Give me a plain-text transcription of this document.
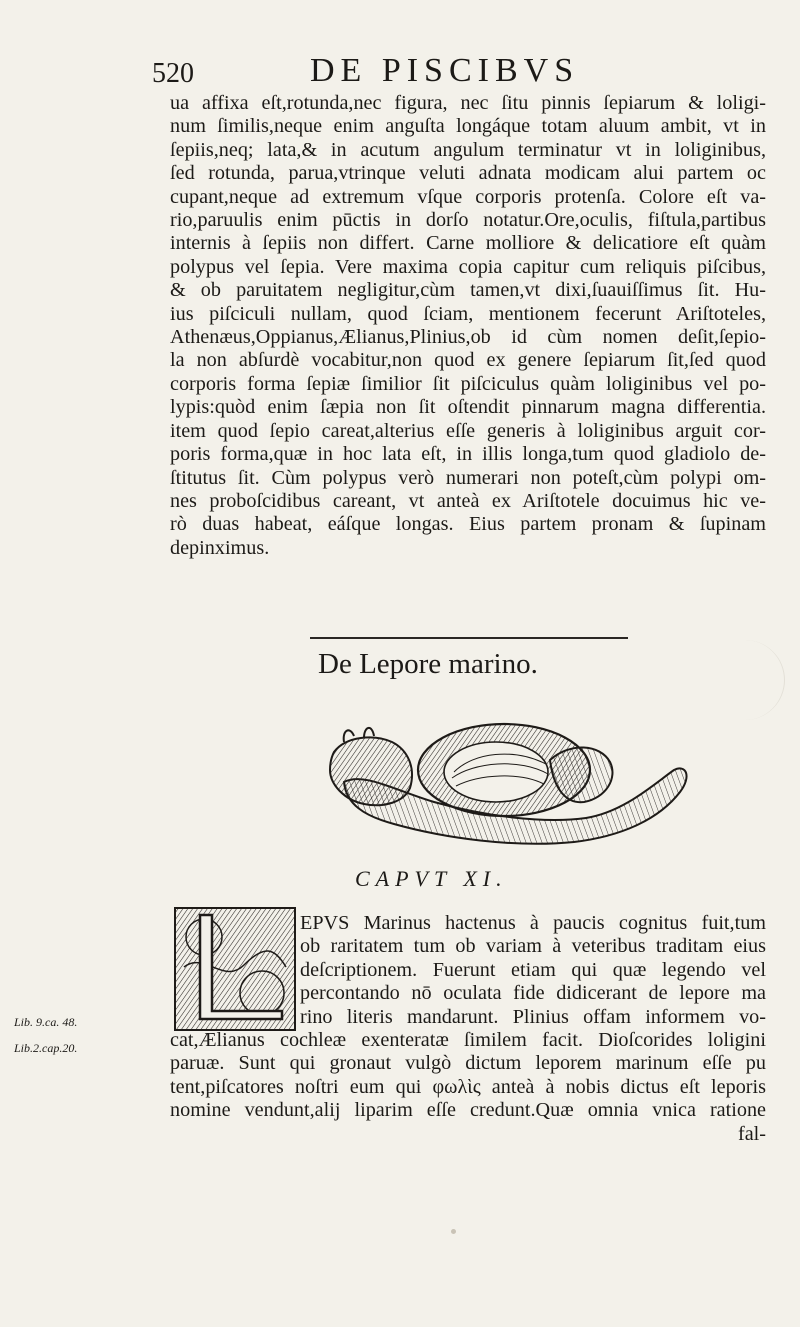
520	DE PISCIBVS
ua affixa eſt,rotunda,nec figura, nec ſitu pinnis ſepiarum & loligi-
num ſimilis,neque enim anguſta longáque totam aluum ambit, vt in
ſepiis,neq; lata,& in acutum angulum terminatur vt in loliginibus,
ſed rotunda, parua,vtrinque veluti adnata modicam alui partem oc
cupant,neque ad extremum vſque corporis protenſa. Colore eſt va-
rio,paruulis enim pūctis in dorſo notatur.Ore,oculis, fiſtula,partibus
internis à ſepiis non differt. Carne molliore & delicatiore eſt quàm
polypus vel ſepia. Vere maxima copia capitur cum reliquis piſcibus,
& ob paruitatem negligitur,cùm tamen,vt dixi,ſuauiſſimus ſit. Hu-
ius piſciculi nullam, quod ſciam, mentionem fecerunt Ariſtoteles,
Athenæus,Oppianus,Ælianus,Plinius,ob id cùm nomen deſit,ſepio-
la non abſurdè vocabitur,non quod ex genere ſepiarum ſit,ſed quod
corporis forma ſepiæ ſimilior ſit piſciculus quàm loliginibus vel po-
lypis:quòd enim ſæpia non ſit oſtendit pinnarum magna differentia.
item quod ſepio careat,alterius eſſe generis à loliginibus arguit cor-
poris forma,quæ in hoc lata eſt, in illis longa,tum quod gladiolo de-
ſtitutus ſit. Cùm polypus verò numerari non poteſt,cùm polypi om-
nes proboſcidibus careant, vt anteà ex Ariſtotele docuimus hic ve-
rò duas habeat, eáſque longas. Eius partem pronam & ſupinam
depinximus.
De Lepore marino.
CAPVT XI.
EPVS Marinus hactenus à paucis cognitus fuit,tum
ob raritatem tum ob variam à veteribus traditam eius
deſcriptionem. Fuerunt etiam qui quæ legendo vel
percontando nō oculata fide didicerant de lepore ma
rino literis mandarunt. Plinius offam informem vo-
cat,Ælianus cochleæ exenteratæ ſimilem facit. Dioſcorides loligini
paruæ. Sunt qui gronaut vulgò dictum leporem marinum eſſe pu
tent,piſcatores noſtri eum qui φωλὶς anteà à nobis dictus eſt leporis
nomine vendunt,alij liparim eſſe credunt.Quæ omnia vnica ratione
fal-
Lib. 9.ca. 48.
Lib.2.cap.20.
